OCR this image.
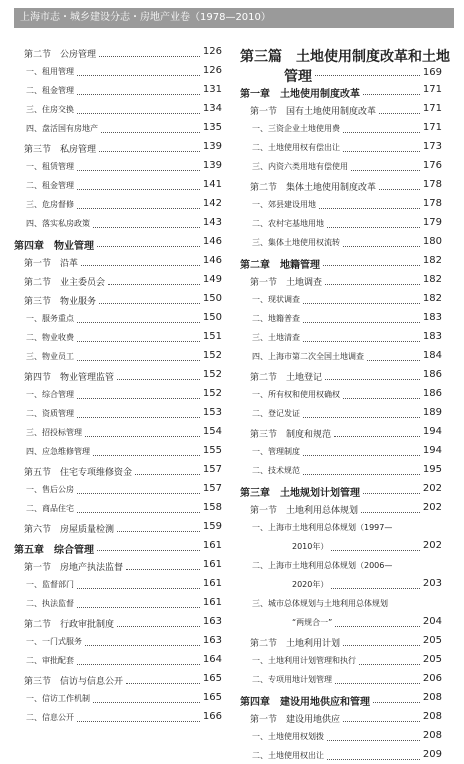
上海市志・城乡建设分志・房地产业卷（1978—2010）
第二节　公房管理	126
一、租用管理	126
二、租金管理	131
三、住房交换	134
四、盘活国有房地产	135
第三节　私房管理	139
一、租赁管理	139
二、租金管理	141
三、危房督修	142
四、落实私房政策	143
第四章　物业管理	146
第一节　沿革	146
第二节　业主委员会	149
第三节　物业服务	150
一、服务重点	150
二、物业收费	151
三、物业员工	152
第四节　物业管理监管	152
一、综合管理	152
二、资质管理	153
三、招投标管理	154
四、应急维修管理	155
第五节　住宅专项维修资金	157
一、售后公房	157
二、商品住宅	158
第六节　房屋质量检测	159
第五章　综合管理	161
第一节　房地产执法监督	161
一、监督部门	161
二、执法监督	161
第二节　行政审批制度	163
一、一门式服务	163
二、审批配套	164
第三节　信访与信息公开	165
一、信访工作机制	165
二、信息公开	166
第三篇　土地使用制度改革和土地
管理	169
第一章　土地使用制度改革	171
第一节　国有土地使用制度改革	171
一、三资企业土地使用费	171
二、土地使用权有偿出让	173
三、内资六类用地有偿使用	176
第二节　集体土地使用制度改革	178
一、郊县建设用地	178
二、农村宅基地用地	179
三、集体土地使用权流转	180
第二章　地籍管理	182
第一节　土地调查	182
一、现状调查	182
二、地籍普查	183
三、土地清查	183
四、上海市第二次全国土地调查	184
第二节　土地登记	186
一、所有权和使用权确权	186
二、登记发证	189
第三节　制度和规范	194
一、管理制度	194
二、技术规范	195
第三章　土地规划计划管理	202
第一节　土地利用总体规划	202
一、上海市土地利用总体规划（1997—
2010年）	202
二、上海市土地利用总体规划（2006—
2020年）	203
三、城市总体规划与土地利用总体规划
“两规合一”	204
第二节　土地利用计划	205
一、土地利用计划管理和执行	205
二、专项用地计划管理	206
第四章　建设用地供应和管理	208
第一节　建设用地供应	208
一、土地使用权划拨	208
二、土地使用权出让	209
